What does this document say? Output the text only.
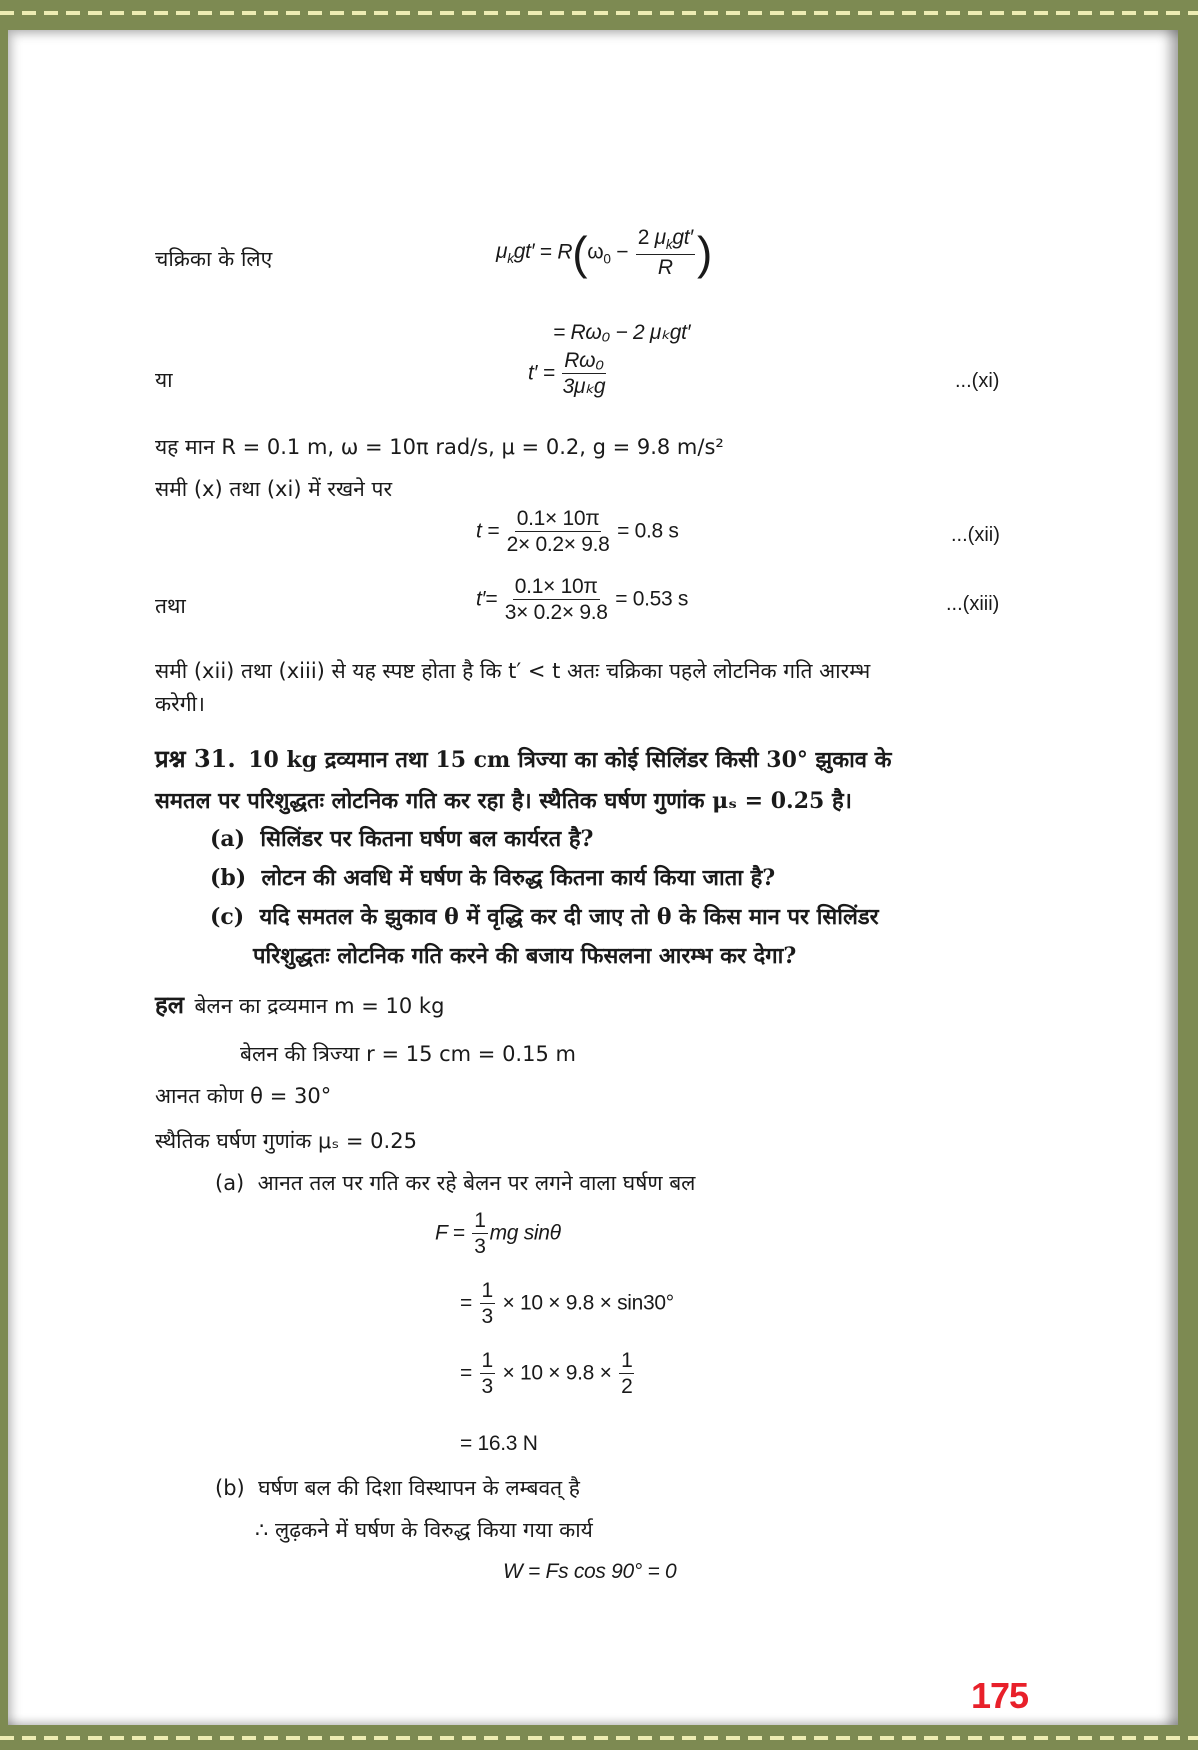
चक्रिका के लिए	$\mu_kgt' = R(\omega_0 - \frac{2 \mu_kgt'}{R}$ )
= Rω₀ − 2 μₖgt′
या	$t' = \frac{\text{Rω₀}}{\text{3μₖg}}$	...(xi)
यह मान R = 0.1 m, ω = 10π rad/s, μ = 0.2, g = 9.8 m/s²
समी (x) तथा (xi) में रखने पर
$t = \frac{0.1\times 10\pi}{2\times 0.2\times 9.8} = 0.8$ s	...(xii)
तथा	$t'= \frac{0.1\times 10\pi}{3\times 0.2\times 9.8} = 0.53$ s	...(xiii)
समी (xii) तथा (xiii) से यह स्पष्ट होता है कि t′ < t अतः चक्रिका पहले लोटनिक गति आरम्भ
करेगी।
प्रश्न 31. 10 kg द्रव्यमान तथा 15 cm त्रिज्या का कोई सिलिंडर किसी 30° झुकाव के
समतल पर परिशुद्धतः लोटनिक गति कर रहा है। स्थैतिक घर्षण गुणांक μₛ = 0.25 है।
(a) सिलिंडर पर कितना घर्षण बल कार्यरत है?
(b) लोटन की अवधि में घर्षण के विरुद्ध कितना कार्य किया जाता है?
(c) यदि समतल के झुकाव θ में वृद्धि कर दी जाए तो θ के किस मान पर सिलिंडर
परिशुद्धतः लोटनिक गति करने की बजाय फिसलना आरम्भ कर देगा?
हल बेलन का द्रव्यमान m = 10 kg
बेलन की त्रिज्या r = 15 cm = 0.15 m
आनत कोण θ = 30°
स्थैतिक घर्षण गुणांक μₛ = 0.25
(a) आनत तल पर गति कर रहे बेलन पर लगने वाला घर्षण बल
$F = \frac{1}{3}$ mg sinθ
= $\frac{1}{3} \times 10 \times 9.8 \times \sin 30^\circ$
= $\frac{1}{3} \times 10 \times 9.8 \times \frac{1}{2}$
= 16.3 N
(b) घर्षण बल की दिशा विस्थापन के लम्बवत् है
∴ लुढ़कने में घर्षण के विरुद्ध किया गया कार्य
W = Fs cos 90° = 0
175
